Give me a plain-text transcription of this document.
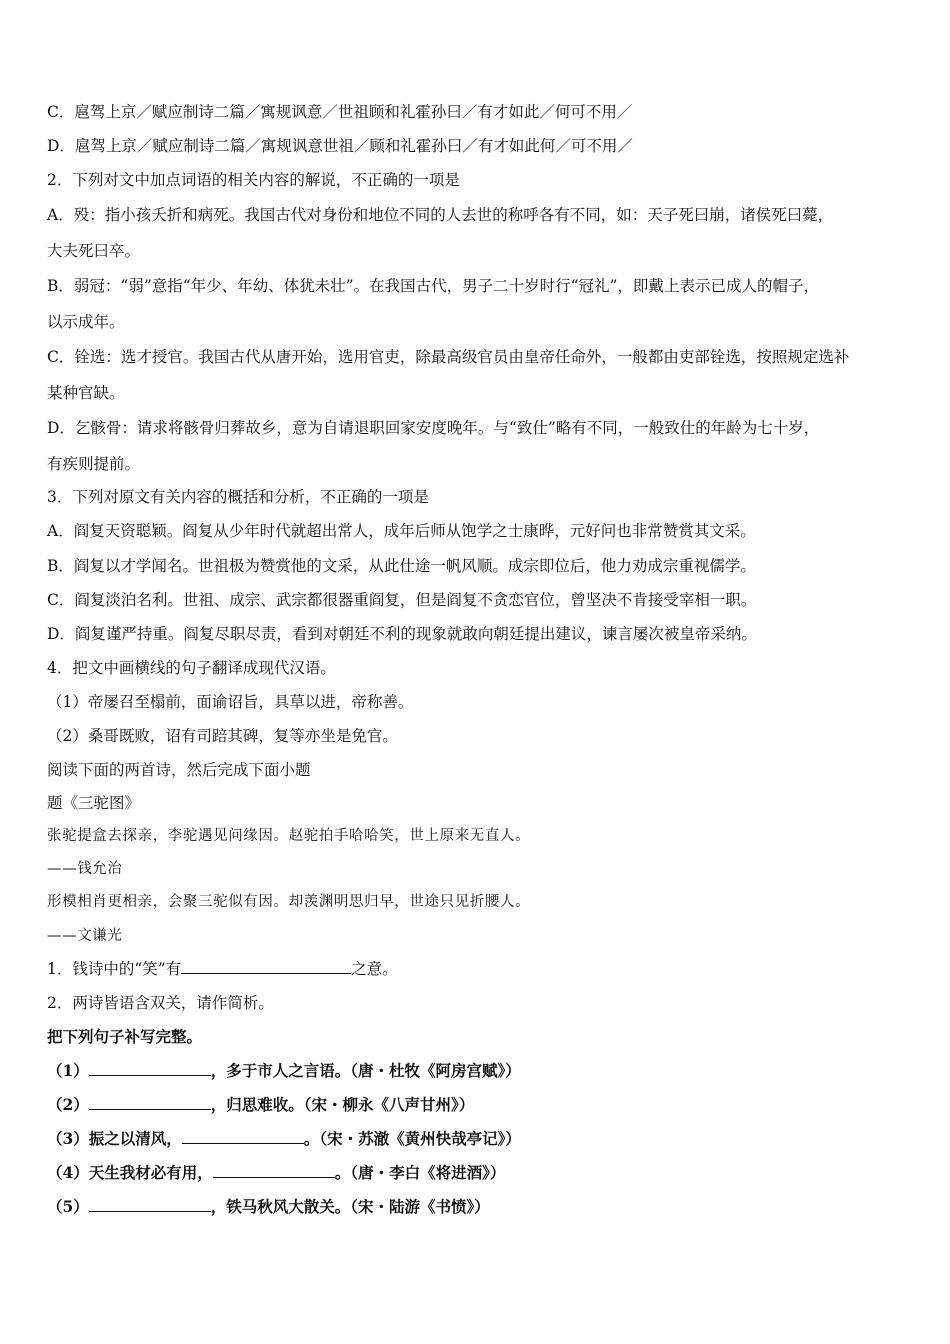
C．扈驾上京／赋应制诗二篇／寓规讽意／世祖顾和礼霍孙曰／有才如此／何可不用／
D．扈驾上京／赋应制诗二篇／寓规讽意世祖／顾和礼霍孙曰／有才如此何／可不用／
2．下列对文中加点词语的相关内容的解说，不正确的一项是
A．殁：指小孩夭折和病死。我国古代对身份和地位不同的人去世的称呼各有不同，如：天子死曰崩，诸侯死曰薨，
大夫死曰卒。
B．弱冠：“弱”意指“年少、年幼、体犹未壮”。在我国古代，男子二十岁时行“冠礼”，即戴上表示已成人的帽子，
以示成年。
C．铨选：选才授官。我国古代从唐开始，选用官吏，除最高级官员由皇帝任命外，一般都由吏部铨选，按照规定选补
某种官缺。
D．乞骸骨：请求将骸骨归葬故乡，意为自请退职回家安度晚年。与“致仕”略有不同，一般致仕的年龄为七十岁，
有疾则提前。
3．下列对原文有关内容的概括和分析，不正确的一项是
A．阎复天资聪颖。阎复从少年时代就超出常人，成年后师从饱学之士康晔，元好问也非常赞赏其文采。
B．阎复以才学闻名。世祖极为赞赏他的文采，从此仕途一帆风顺。成宗即位后，他力劝成宗重视儒学。
C．阎复淡泊名利。世祖、成宗、武宗都很器重阎复，但是阎复不贪恋官位，曾坚决不肯接受宰相一职。
D．阎复谨严持重。阎复尽职尽责，看到对朝廷不利的现象就敢向朝廷提出建议，谏言屡次被皇帝采纳。
4．把文中画横线的句子翻译成现代汉语。
（1）帝屡召至榻前，面谕诏旨，具草以进，帝称善。
（2）桑哥既败，诏有司踣其碑，复等亦坐是免官。
阅读下面的两首诗，然后完成下面小题
题《三驼图》
张驼提盒去探亲，李驼遇见问缘因。赵驼拍手哈哈笑，世上原来无直人。
——钱允治
形模相肖更相亲，会聚三驼似有因。却羡渊明思归早，世途只见折腰人。
——文谦光
1．钱诗中的“笑”有	之意。
2．两诗皆语含双关，请作简析。
把下列句子补写完整。
（1）	，多于市人之言语。（唐・杜牧《阿房宫赋》）
（2）	，归思难收。（宋・柳永《八声甘州》）
（3）振之以清风，	。（宋・苏澈《黄州快哉亭记》）
（4）天生我材必有用，	。（唐・李白《将进酒》）
（5）	，铁马秋风大散关。（宋・陆游《书愤》）
